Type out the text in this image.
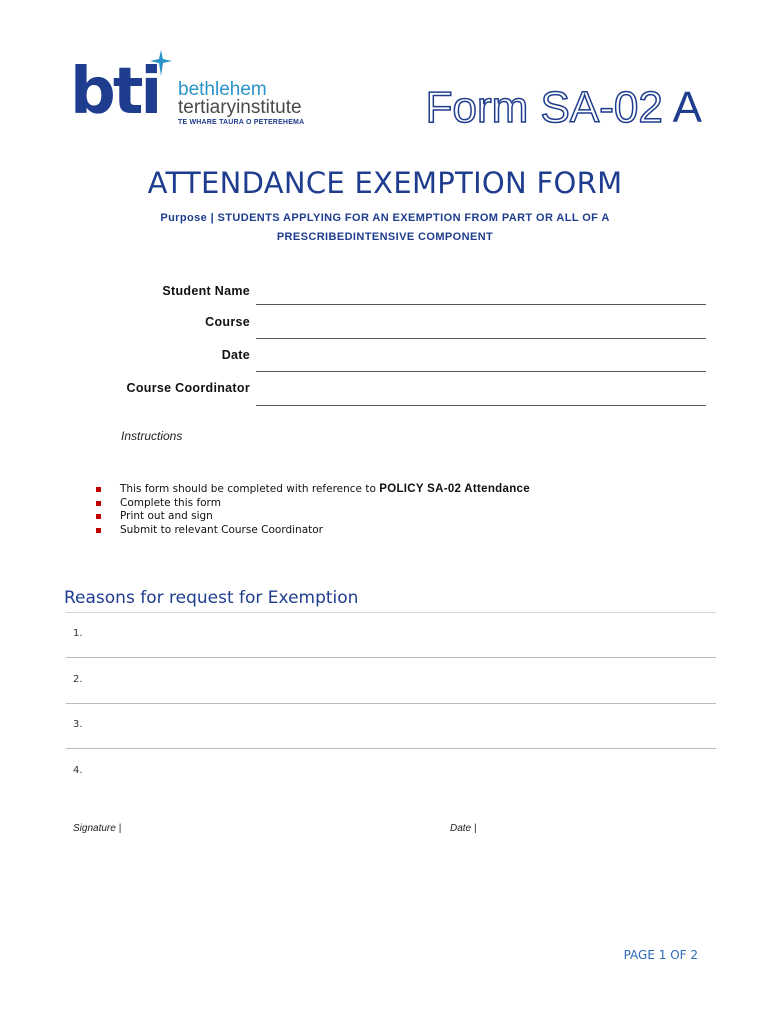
bti bethlehem
tertiaryinstitute
TE WHARE TAURA O PETEREHEMA	Form SA-02 A
ATTENDANCE EXEMPTION FORM
Purpose | STUDENTS APPLYING FOR AN EXEMPTION FROM PART OR ALL OF A
PRESCRIBEDINTENSIVE COMPONENT
Student Name
Course
Date
Course Coordinator
Instructions
This form should be completed with reference to
POLICY SA-02 Attendance
Complete this form
Print out and sign
Submit to relevant Course Coordinator
Reasons for request for Exemption
1.
2.
3.
4.
Signature |	Date |
PAGE 1 OF 2
